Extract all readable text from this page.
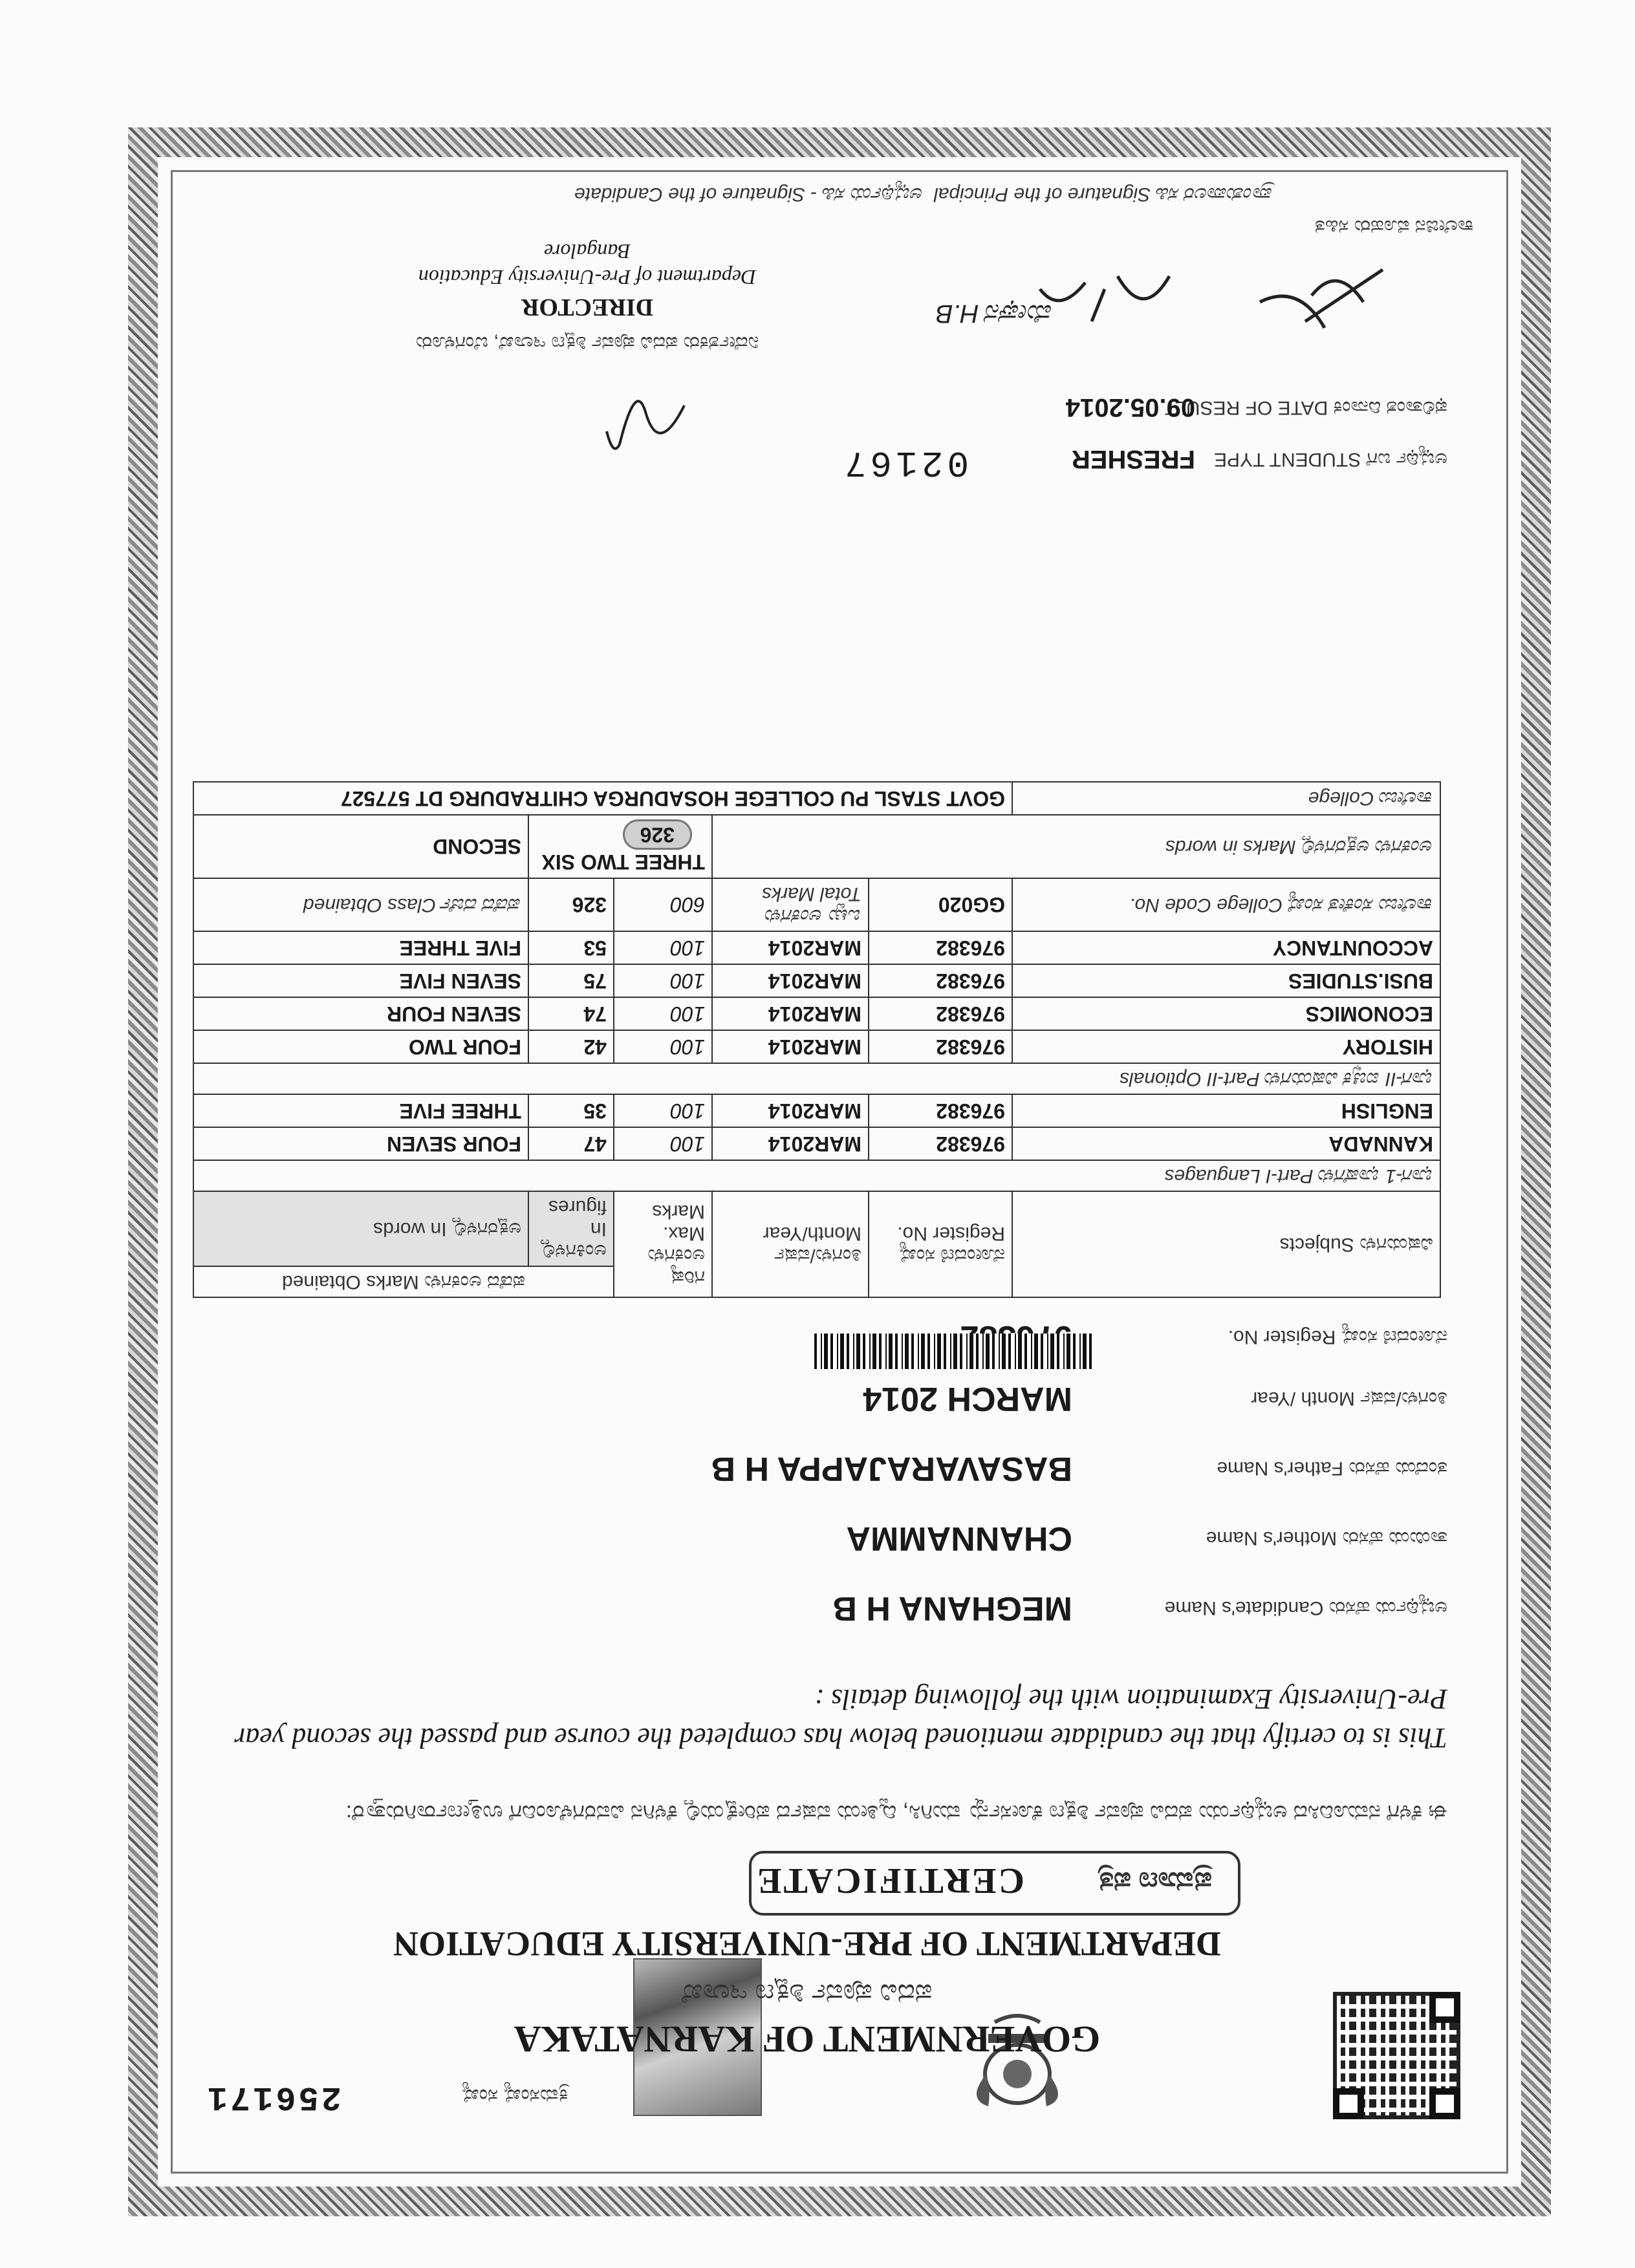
ಕ್ರಮಸಂಖ್ಯೆ ಸಂಖ್ಯೆ
256171
GOVERNMENT OF KARNATAKA
ಪದವಿ ಪೂರ್ವ ಶಿಕ್ಷಣ ಇಲಾಖೆ
DEPARTMENT OF PRE-UNIVERSITY EDUCATION
ಪ್ರಮಾಣ ಪತ್ರ
CERTIFICATE
ಈ ಕೆಳಗೆ ನಮೂದಿಸಿದ ಅಭ್ಯರ್ಥಿಯು ಪದವಿ ಪೂರ್ವ ಶಿಕ್ಷಣ ಕೋರ್ಸನ್ನು ಮುಗಿಸಿ, ದ್ವಿತೀಯ ವರ್ಷದ ಪರೀಕ್ಷೆಯಲ್ಲಿ ಕೆಳಗಿನ ವಿವರಗಳೊಂದಿಗೆ ಉತ್ತೀರ್ಣರಾಗಿರುತ್ತಾರೆ:
This is to certify that the candidate mentioned below has completed the course and passed the second year Pre-University Examination with the following details :
ಅಭ್ಯರ್ಥಿಯ ಹೆಸರು Candidate's Name
MEGHANA H B
ತಾಯಿಯ ಹೆಸರು Mother's Name
CHANNAMMA
ತಂದೆಯ ಹೆಸರು Father's Name
BASAVARAJAPPA H B
ತಿಂಗಳು/ವರ್ಷ Month /Year
MARCH 2014
ನೋಂದಣಿ ಸಂಖ್ಯೆ Register No.
ವಿಷಯಗಳು Subjects	ನೋಂದಣಿ ಸಂಖ್ಯೆ Register No.	ತಿಂಗಳು/ವರ್ಷ Month/Year	ಗರಿಷ್ಠ ಅಂಕಗಳು Max. Marks	ಪಡೆದ ಅಂಕಗಳು Marks Obtained	
				ಅಂಕಿಗಳಲ್ಲಿ In figures	ಅಕ್ಷರಗಳಲ್ಲಿ In words
ಭಾಗ-1 ಭಾಷೆಗಳು Part-I Languages					
KANNADA	976382	MAR2014	100	47	FOUR SEVEN
ENGLISH	976382	MAR2014	100	35	THREE FIVE
ಭಾಗ-II ಐಚ್ಛಿಕ ವಿಷಯಗಳು Part-II Optionals					
HISTORY	976382	MAR2014	100	42	FOUR TWO
ECONOMICS	976382	MAR2014	100	74	SEVEN FOUR
BUSI.STUDIES	976382	MAR2014	100	75	SEVEN FIVE
ACCOUNTANCY	976382	MAR2014	100	53	FIVE THREE
ಕಾಲೇಜು ಸಂಕೇತ ಸಂಖ್ಯೆ College Code No.	GG020	ಒಟ್ಟು ಅಂಕಗಳು Total Marks	600	326	ಪಡೆದ ದರ್ಜೆ Class Obtained
ಅಂಕಗಳು ಅಕ್ಷರಗಳಲ್ಲಿ Marks in words			THREE TWO SIX 326		SECOND
ಕಾಲೇಜು College	GOVT STASL PU COLLEGE HOSADURGA CHITRADURG DT 577527				
ಅಭ್ಯರ್ಥಿ ಬಗೆ STUDENT TYPE
FRESHER
02167
ಫಲಿತಾಂಶ ದಿನಾಂಕ DATE OF RESULT
09.05.2014
ನಿರ್ದೇಶಕರು ಪದವಿ ಪೂರ್ವ ಶಿಕ್ಷಣ ಇಲಾಖೆ, ಬೆಂಗಳೂರು
DIRECTOR
Department of Pre-University Education
Bangalore
ಮೇಘನ H.B
ಕಾಲೇಜಿನ ಮೊಹರು ಸಹಿತ
ಪ್ರಾಂಶುಪಾಲರ ಸಹಿ Signature of the Principal
ಅಭ್ಯರ್ಥಿಯ ಸಹಿ - Signature of the Candidate
